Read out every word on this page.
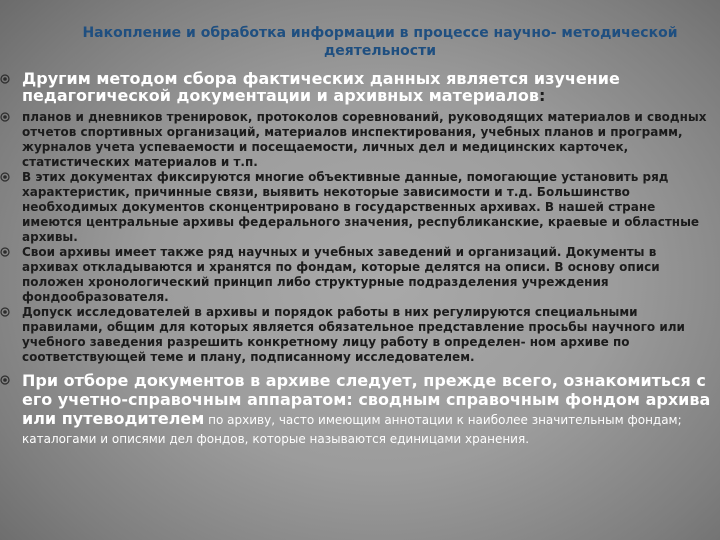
Накопление и обработка информации в процессе научно- методической деятельности
Другим методом сбора фактических данных является изучение педагогической документации и архивных материалов:
планов и дневников тренировок, протоколов соревнований, руководящих материалов и сводных отчетов спортивных организаций, материалов инспектирования, учебных планов и программ, журналов учета успеваемости и посещаемости, личных дел и медицинских карточек, статистических материалов и т.п.
В этих документах фиксируются многие объективные данные, помогающие установить ряд характеристик, причинные связи, выявить некоторые зависимости и т.д. Большинство необходимых документов сконцентрировано в государственных архивах. В нашей стране имеются центральные архивы федерального значения, республиканские, краевые и областные архивы.
Свои архивы имеет также ряд научных и учебных заведений и организаций. Документы в архивах откладываются и хранятся по фондам, которые делятся на описи. В основу описи положен хронологический принцип либо структурные подразделения учреждения фондообразователя.
Допуск исследователей в архивы и порядок работы в них регулируются специальными правилами, общим для которых является обязательное представление просьбы научного или учебного заведения разрешить конкретному лицу работу в определен- ном архиве по соответствующей теме и плану, подписанному исследователем.
При отборе документов в архиве следует, прежде всего, ознакомиться с его учетно-справочным аппаратом: сводным справочным фондом архива или путеводителем по архиву, часто имеющим аннотации к наиболее значительным фондам; каталогами и описями дел фондов, которые называются единицами хранения.
